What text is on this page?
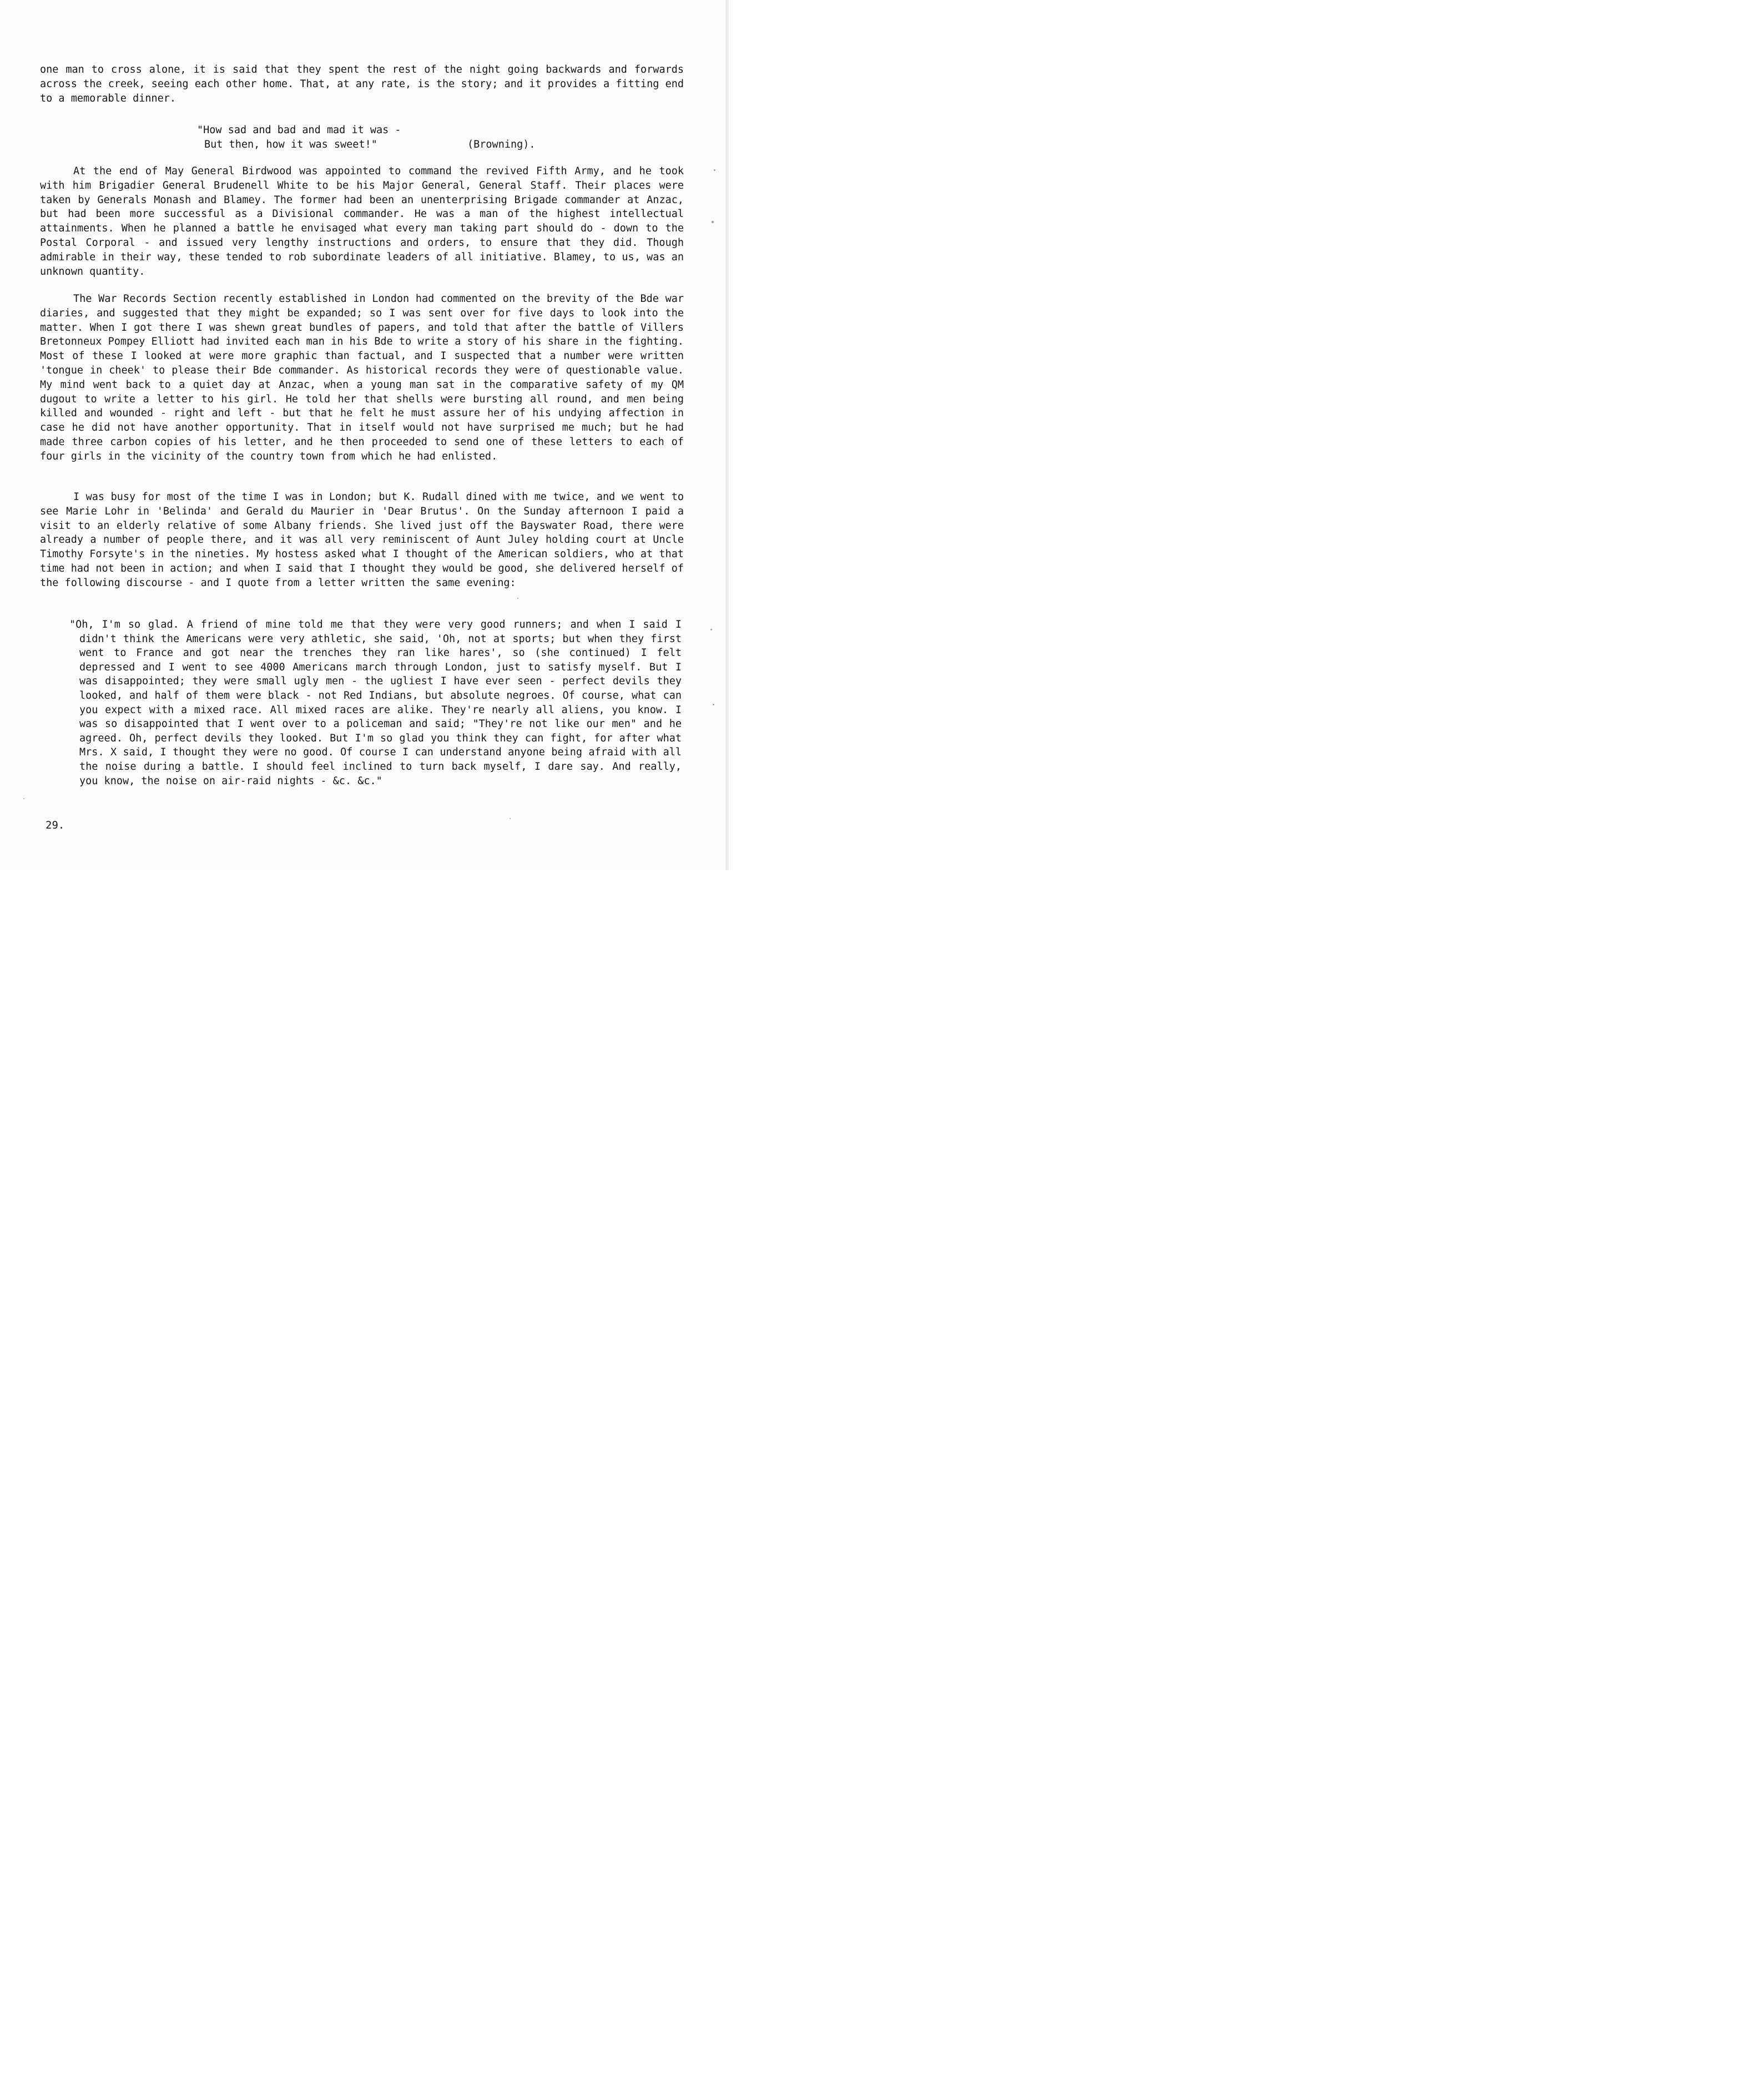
one man to cross alone, it is said that they spent the rest of the night going backwards and forwards across the creek, seeing each other home. That, at any rate, is the story; and it provides a fitting end to a memorable dinner.

"How sad and bad and mad it was -
But then, how it was sweet!"	(Browning).

At the end of May General Birdwood was appointed to command the revived Fifth Army, and he took with him Brigadier General Brudenell White to be his Major General, General Staff. Their places were taken by Generals Monash and Blamey. The former had been an unenterprising Brigade commander at Anzac, but had been more successful as a Divisional commander. He was a man of the highest intellectual attainments. When he planned a battle he envisaged what every man taking part should do - down to the Postal Corporal - and issued very lengthy instructions and orders, to ensure that they did. Though admirable in their way, these tended to rob subordinate leaders of all initiative. Blamey, to us, was an unknown quantity.

The War Records Section recently established in London had commented on the brevity of the Bde war diaries, and suggested that they might be expanded; so I was sent over for five days to look into the matter. When I got there I was shewn great bundles of papers, and told that after the battle of Villers Bretonneux Pompey Elliott had invited each man in his Bde to write a story of his share in the fighting. Most of these I looked at were more graphic than factual, and I suspected that a number were written 'tongue in cheek' to please their Bde commander. As historical records they were of questionable value. My mind went back to a quiet day at Anzac, when a young man sat in the comparative safety of my QM dugout to write a letter to his girl. He told her that shells were bursting all round, and men being killed and wounded - right and left - but that he felt he must assure her of his undying affection in case he did not have another opportunity. That in itself would not have surprised me much; but he had made three carbon copies of his letter, and he then proceeded to send one of these letters to each of four girls in the vicinity of the country town from which he had enlisted.

I was busy for most of the time I was in London; but K. Rudall dined with me twice, and we went to see Marie Lohr in 'Belinda' and Gerald du Maurier in 'Dear Brutus'. On the Sunday afternoon I paid a visit to an elderly relative of some Albany friends. She lived just off the Bayswater Road, there were already a number of people there, and it was all very reminiscent of Aunt Juley holding court at Uncle Timothy Forsyte's in the nineties. My hostess asked what I thought of the American soldiers, who at that time had not been in action; and when I said that I thought they would be good, she delivered herself of the following discourse - and I quote from a letter written the same evening:

"Oh, I'm so glad. A friend of mine told me that they were very good runners; and when I said I didn't think the Americans were very athletic, she said, 'Oh, not at sports; but when they first went to France and got near the trenches they ran like hares', so (she continued) I felt depressed and I went to see 4000 Americans march through London, just to satisfy myself. But I was disappointed; they were small ugly men - the ugliest I have ever seen - perfect devils they looked, and half of them were black - not Red Indians, but absolute negroes. Of course, what can you expect with a mixed race. All mixed races are alike. They're nearly all aliens, you know. I was so disappointed that I went over to a policeman and said; "They're not like our men" and he agreed. Oh, perfect devils they looked. But I'm so glad you think they can fight, for after what Mrs. X said, I thought they were no good. Of course I can understand anyone being afraid with all the noise during a battle. I should feel inclined to turn back myself, I dare say. And really, you know, the noise on air-raid nights - &c. &c."

29.
